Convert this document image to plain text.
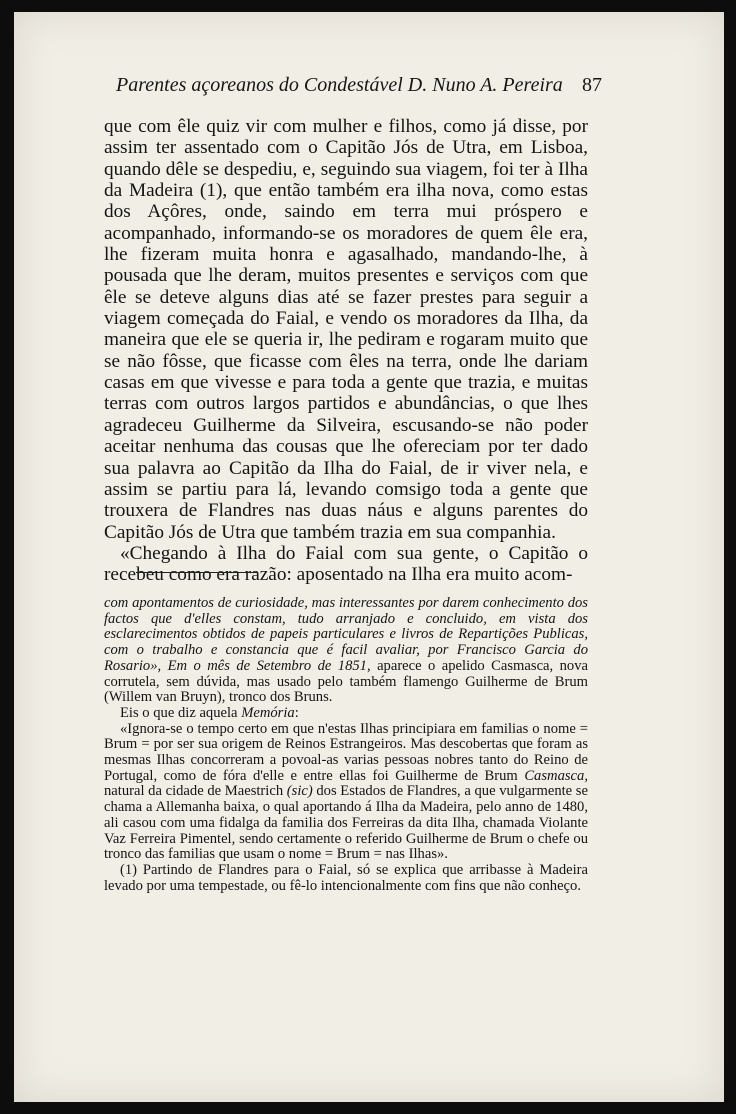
Parentes açoreanos do Condestável D. Nuno A. Pereira 87

que com êle quiz vir com mulher e filhos, como já disse, por assim ter assentado com o Capitão Jós de Utra, em Lisboa, quando dêle se despediu, e, seguindo sua viagem, foi ter à Ilha da Madeira (1), que então também era ilha nova, como estas dos Açôres, onde, saindo em terra mui próspero e acompanhado, informando-se os moradores de quem êle era, lhe fizeram muita honra e agasalhado, mandando-lhe, à pousada que lhe deram, muitos presentes e serviços com que êle se deteve alguns dias até se fazer prestes para seguir a viagem começada do Faial, e vendo os moradores da Ilha, da maneira que ele se queria ir, lhe pediram e rogaram muito que se não fôsse, que ficasse com êles na terra, onde lhe dariam casas em que vivesse e para toda a gente que trazia, e muitas terras com outros largos partidos e abundâncias, o que lhes agradeceu Guilherme da Silveira, escusando-se não poder aceitar nenhuma das cousas que lhe ofereciam por ter dado sua palavra ao Capitão da Ilha do Faial, de ir viver nela, e assim se partiu para lá, levando comsigo toda a gente que trouxera de Flandres nas duas náus e alguns parentes do Capitão Jós de Utra que também trazia em sua companhia.

«Chegando à Ilha do Faial com sua gente, o Capitão o recebeu como era razão: aposentado na Ilha era muito acom-

com apontamentos de curiosidade, mas interessantes por darem conhecimento dos factos que d'elles constam, tudo arranjado e concluido, em vista dos esclarecimentos obtidos de papeis particulares e livros de Repartições Publicas, com o trabalho e constancia que é facil avaliar, por Francisco Garcia do Rosario», Em o mês de Setembro de 1851, aparece o apelido Casmasca, nova corrutela, sem dúvida, mas usado pelo também flamengo Guilherme de Brum (Willem van Bruyn), tronco dos Bruns.

Eis o que diz aquela Memória:

«Ignora-se o tempo certo em que n'estas Ilhas principiara em familias o nome = Brum = por ser sua origem de Reinos Estrangeiros. Mas descobertas que foram as mesmas Ilhas concorreram a povoal-as varias pessoas nobres tanto do Reino de Portugal, como de fóra d'elle e entre ellas foi Guilherme de Brum Casmasca, natural da cidade de Maestrich (sic) dos Estados de Flandres, a que vulgarmente se chama a Allemanha baixa, o qual aportando á Ilha da Madeira, pelo anno de 1480, ali casou com uma fidalga da familia dos Ferreiras da dita Ilha, chamada Violante Vaz Ferreira Pimentel, sendo certamente o referido Guilherme de Brum o chefe ou tronco das familias que usam o nome = Brum = nas Ilhas».

(1) Partindo de Flandres para o Faial, só se explica que arribasse à Madeira levado por uma tempestade, ou fê-lo intencionalmente com fins que não conheço.
